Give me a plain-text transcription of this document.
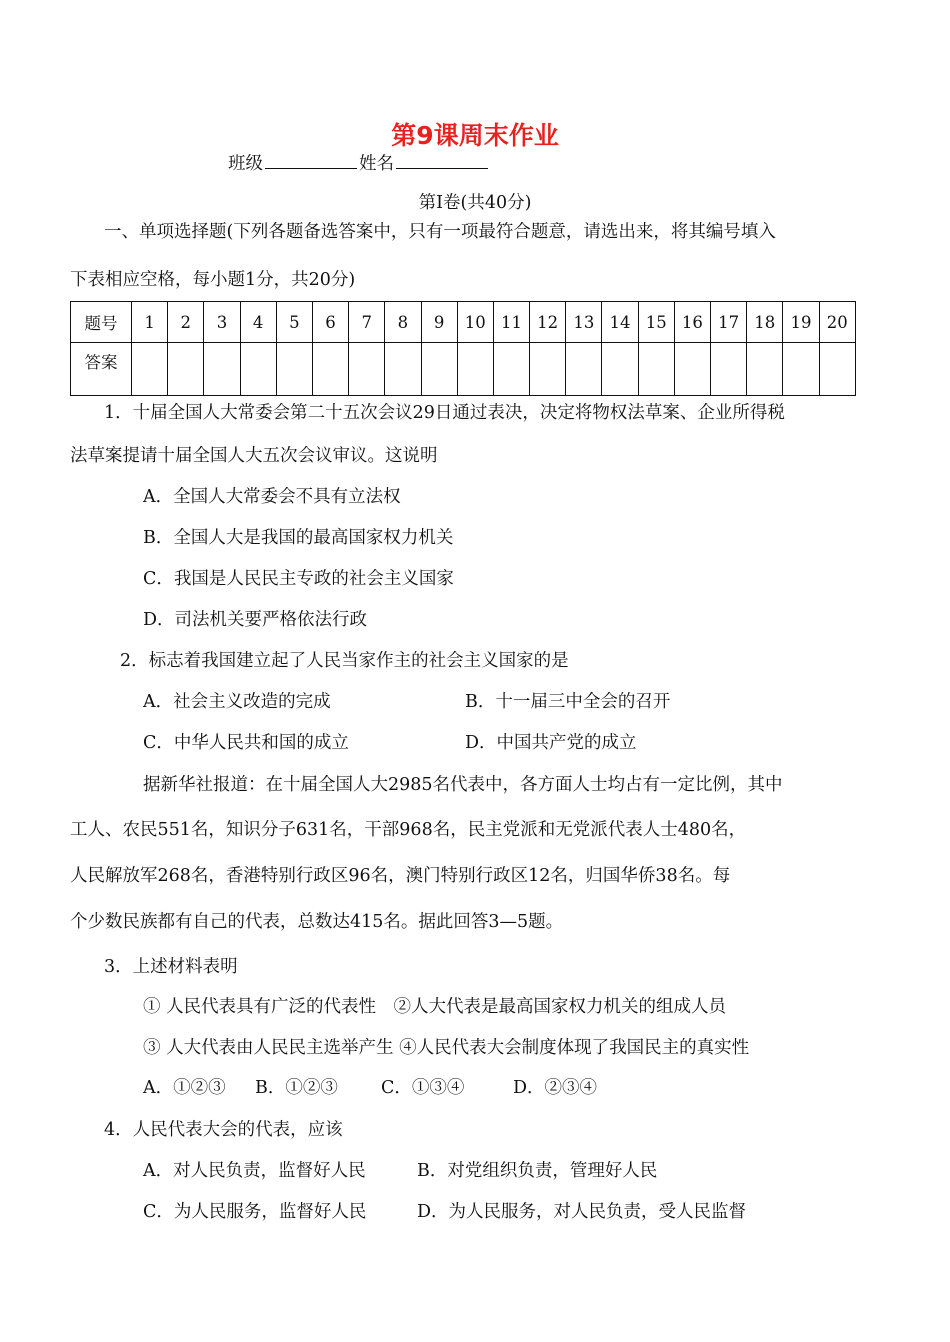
第9课周末作业
班级	姓名
第Ⅰ卷(共40分)
一、单项选择题(下列各题备选答案中，只有一项最符合题意，请选出来，将其编号填入
下表相应空格，每小题1分，共20分)
题号	1	2	3	4	5	6	7	8	9	10	11	12	13	14	15	16	17	18	19	20
答案																				
1．十届全国人大常委会第二十五次会议29日通过表决，决定将物权法草案、企业所得税
法草案提请十届全国人大五次会议审议。这说明
A．全国人大常委会不具有立法权
B．全国人大是我国的最高国家权力机关
C．我国是人民民主专政的社会主义国家
D．司法机关要严格依法行政
2．标志着我国建立起了人民当家作主的社会主义国家的是
A．社会主义改造的完成	B．十一届三中全会的召开
C．中华人民共和国的成立	D．中国共产党的成立
据新华社报道：在十届全国人大2985名代表中，各方面人士均占有一定比例，其中
工人、农民551名，知识分子631名，干部968名，民主党派和无党派代表人士480名，
人民解放军268名，香港特别行政区96名，澳门特别行政区12名，归国华侨38名。每
个少数民族都有自己的代表，总数达415名。据此回答3—5题。
3．上述材料表明
① 人民代表具有广泛的代表性　②人大代表是最高国家权力机关的组成人员
③ 人大代表由人民民主选举产生 ④人民代表大会制度体现了我国民主的真实性
A．①②③ B．①②③ C．①③④	D．②③④
4．人民代表大会的代表，应该
A．对人民负责，监督好人民	B．对党组织负责，管理好人民
C．为人民服务，监督好人民	D．为人民服务，对人民负责，受人民监督
